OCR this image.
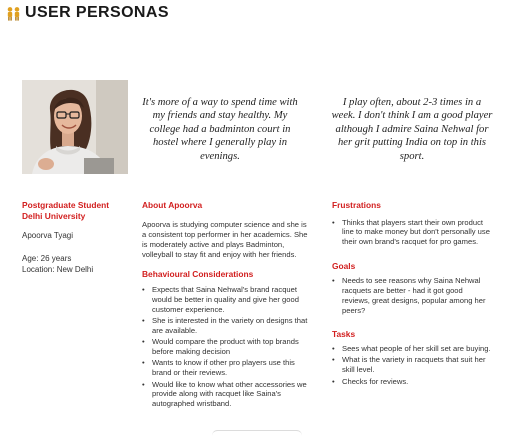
USER PERSONAS
It's more of a way to spend time with my friends and stay healthy. My college had a badminton court in hostel where I generally play in evenings.
I play often, about 2-3 times in a week. I don't think I am a good player although I admire Saina Nehwal for her grit putting India on top in this sport.
Postgraduate Student
Delhi University
Apoorva Tyagi
Age: 26 years
Location: New Delhi
About Apoorva
Apoorva is studying computer science and she is a consistent top performer in her academics. She is moderately active and plays Badminton, volleyball to stay fit and enjoy with her friends.
Behavioural Considerations
• Expects that Saina Nehwal's brand racquet would be better in quality and give her good customer experience.
• She is interested in the variety on designs that are available.
• Would compare the product with top brands before making decision
• Wants to know if other pro players use this brand or their reviews.
• Would like to know what other accessories we provide along with racquet like Saina's autographed wristband.
Frustrations
• Thinks that players start their own product line to make money but don't personally use their own brand's racquet for pro games.
Goals
• Needs to see reasons why Saina Nehwal racquets are better - had it got good reviews, great designs, popular among her peers?
Tasks
• Sees what people of her skill set are buying.
• What is the variety in racquets that suit her skill level.
• Checks for reviews.
